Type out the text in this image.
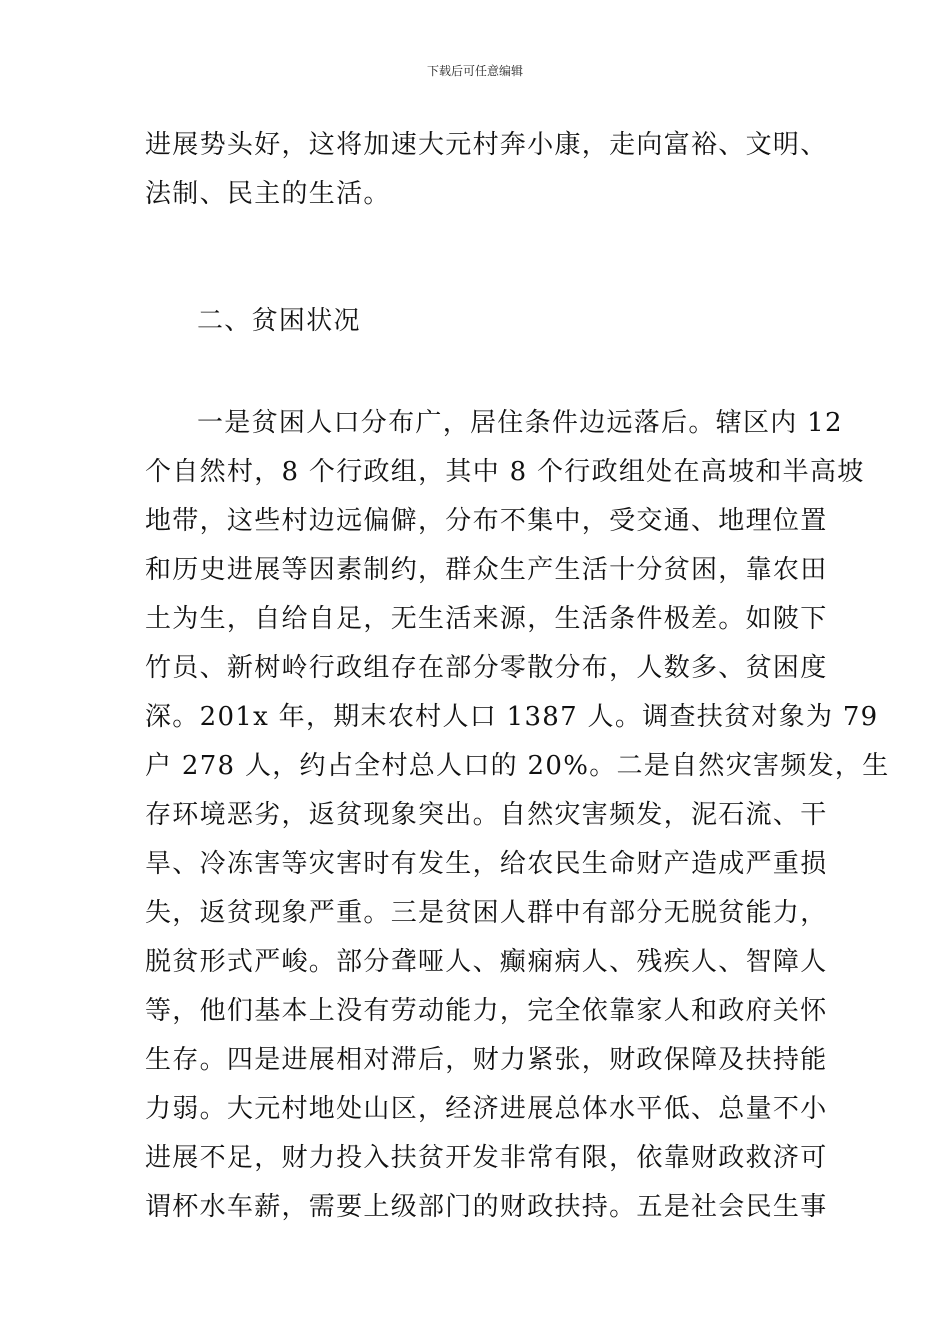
下载后可任意编辑
进展势头好，这将加速大元村奔小康，走向富裕、文明、
法制、民主的生活。
二、贫困状况
一是贫困人口分布广，居住条件边远落后。辖区内 12
个自然村，8 个行政组，其中 8 个行政组处在高坡和半高坡
地带，这些村边远偏僻，分布不集中，受交通、地理位置
和历史进展等因素制约，群众生产生活十分贫困，靠农田
土为生，自给自足，无生活来源，生活条件极差。如陂下
竹员、新树岭行政组存在部分零散分布，人数多、贫困度
深。201x 年，期末农村人口 1387 人。调查扶贫对象为 79
户 278 人，约占全村总人口的 20%。二是自然灾害频发，生
存环境恶劣，返贫现象突出。自然灾害频发，泥石流、干
旱、冷冻害等灾害时有发生，给农民生命财产造成严重损
失，返贫现象严重。三是贫困人群中有部分无脱贫能力，
脱贫形式严峻。部分聋哑人、癫痫病人、残疾人、智障人
等，他们基本上没有劳动能力，完全依靠家人和政府关怀
生存。四是进展相对滞后，财力紧张，财政保障及扶持能
力弱。大元村地处山区，经济进展总体水平低、总量不小
进展不足，财力投入扶贫开发非常有限，依靠财政救济可
谓杯水车薪，需要上级部门的财政扶持。五是社会民生事
